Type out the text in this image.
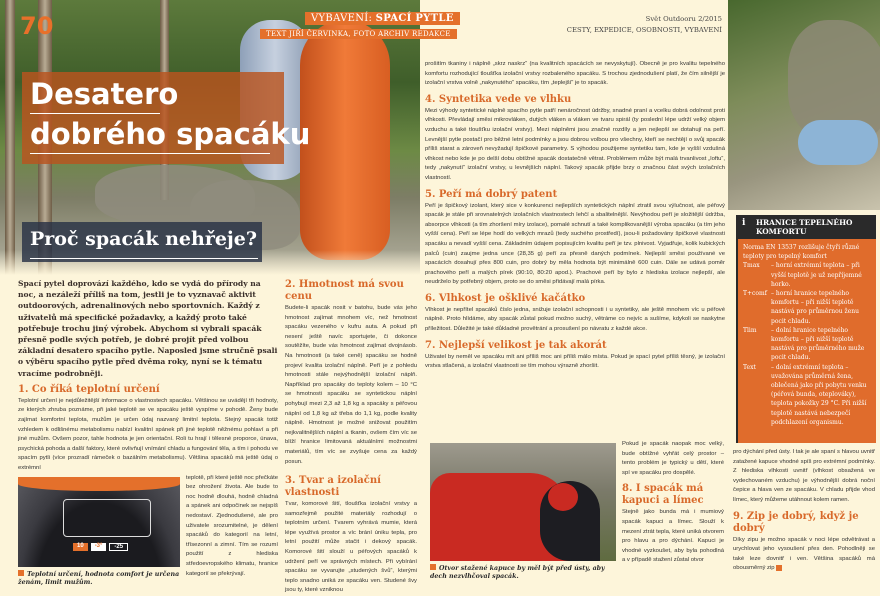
70
Desatero
dobrého spacáku
Proč spacák nehřeje?
VYBAVENÍ: SPACÍ PYTLE
TEXT JIŘÍ ČERVINKA, FOTO ARCHIV REDAKCE
Svět Outdooru 2/2015
CESTY, EXPEDICE, OSOBNOSTI, VYBAVENÍ
Spací pytel doprovází každého, kdo se vydá do přírody na noc, a nezáleží příliš na tom, jestli je to vyznavač aktivit outdoorových, adrenalinových nebo sportovních. Každý z uživatelů má specifické požadavky, a každý proto také potřebuje trochu jiný výrobek. Abychom si vybrali spacák přesně podle svých potřeb, je dobré projít před volbou základní desatero spacího pytle. Naposled jsme stručně psali o výběru spacího pytle před dvěma roky, nyní se k tématu vracíme podrobněji.
1. Co říká teplotní určení
Teplotní určení je nejdůležitější informace o vlastnostech spacáku. Většinou se uvádějí tři hodnoty, ze kterých zhruba poznáme, při jaké teplotě se ve spacáku ještě vyspíme v pohodě. Ženy bude zajímat komfortní teplota, mužům je určen údaj nazvaný limitní teplota. Stejný spacák totiž vzhledem k odlišnému metabolismu nabízí kvalitní spánek při jiné teplotě něžnému pohlaví a při jiné mužům. Ovšem pozor, tahle hodnota je jen orientační. Roli tu hrají i tělesné proporce, únava, psychická pohoda a další faktory, které ovlivňují vnímání chladu a fungování těla, a tím i pohodu ve spacím pytli (více prozradí rámeček o bazálním metabolismu). Většina spacáků má ještě údaj o extrémní
10	-3°	-25
Teplotní určení, hodnota comfort je určena ženám, limit mužům.
teplotě, při které ještě noc přečkáte bez ohrožení života. Ale bude to noc hodně dlouhá, hodně chladná a spánek ani odpočinek se nejspíš nedostaví. Zjednodušené, ale pro uživatele srozumitelné, je dělení spacáků do kategorií na letní, třísezonní a zimní. Tím se rozumí použití z hlediska středoevropského klimatu, hranice kategorií se překrývají.
2. Hmotnost má svou cenu
Budete-li spacák nosit v batohu, bude vás jeho hmotnost zajímat mnohem víc, než hmotnost spacáku vezeného v kufru auta. A pokud při nesení ještě navíc sportujete, či dokonce soutěžíte, bude vás hmotnost zajímat dvojnásob. Na hmotnosti (a také ceně) spacáku se hodně projeví kvalita izolační náplně. Peří je z pohledu hmotnosti stále nejvýhodnější izolační náplň. Například pro spacáky do teploty kolem – 10 °C se hmotnosti spacáku se syntetickou náplní pohybují mezi 2,3 až 1,8 kg a spacáky s péřovou náplní od 1,8 kg až třeba do 1,1 kg, podle kvality náplně. Hmotnost je možné snižovat použitím nejkvalitnějších náplní a tkanin, ovšem čím víc se blíží hranice limitovaná aktuálními možnostmi materiálů, tím víc se zvyšuje cena za každý posun.
3. Tvar a izolační vlastnosti
Tvar, komorové šití, tloušťka izolační vrstvy a samozřejmě použité materiály rozhodují o teplotním určení. Tvarem vyhrává mumie, která lépe využívá prostor a víc brání úniku tepla, pro letní použití může stačit i dekový spacák. Komorové šití slouží u péřových spacáků k udržení peří ve správných místech. Při vybírání spacáku se vyvarujte „studených švů“, kterými teplo snadno uniká ze spacáku ven. Studené švy jsou ty, které vzniknou
prošitím tkaniny i náplně „skrz naskrz“ (na kvalitních spacácích se nevyskytují). Obecně je pro kvalitu tepelného komfortu rozhodující tloušťka izolační vrstvy rozbaleného spacáku. S trochou zjednodušení platí, že čím silnější je izolační vrstva volně „nakynutého“ spacáku, tím „teplejší“ je to spacák.
4. Syntetika vede ve vlhku
Mezi výhody syntetické náplně spacího pytle patří nenáročnost údržby, snadné praní a vcelku dobrá odolnost proti vlhkosti. Převládají směsi mikrovláken, dutých vláken a vláken ve tvaru spirál (ty poslední lépe udrží velký objem vzduchu a také tloušťku izolační vrstvy). Mezi náplněmi jsou značné rozdíly a jen nejlepší se dotahují na peří. Levnější pytle postačí pro běžné letní podmínky a jsou dobrou volbou pro všechny, kteří se nechtějí o svůj spacák příliš starat a zároveň nevyžadují špičkové parametry. S výhodou použijeme syntetiku tam, kde je vyšší vzdušná vlhkost nebo kde je po delší dobu obtížné spacák dostatečně větrat. Problémem může být malá trvanlivost „loftu“, tedy „nakynutí“ izolační vrstvy, u levnějších náplní. Takový spacák přijde brzy o značnou část svých izolačních vlastností.
5. Peří má dobrý patent
Peří je špičkový izolant, který sice v konkurenci nejlepších syntetických náplní ztratil svou výlučnost, ale péřový spacák je stále při srovnatelných izolačních vlastnostech lehčí a sbalitelnější. Nevýhodou peří je složitější údržba, absorpce vlhkosti (a tím zhoršení míry izolace), pomalé schnutí a také komplikovanější výroba spacáku (a tím jeho vyšší cena). Peří se lépe hodí do velkých mrazů (tedy suchého prostředí), jsou-li požadovány špičkové vlastnosti spacáku a nevadí vyšší cena. Základním údajem popisujícím kvalitu peří je tzv. plnivost. Vyjadřuje, kolik kubických palců (cuin) zaujme jedna unce (28,35 g) peří za přesně daných podmínek. Nejlepší směsi používané ve spacácích dosahují přes 800 cuin, pro dobrý by měla hodnota být minimálně 600 cuin. Dále se udává poměr prachového peří a malých pírek (90:10, 80:20 apod.). Prachové peří by bylo z hlediska izolace nejlepší, ale neudrželo by potřebný objem, proto se do směsi přidávají malá pírka.
6. Vlhkost je ošklivé kačátko
Vlhkost je nepřítel spacáků číslo jedna, snižuje izolační schopnosti i u syntetiky, ale ještě mnohem víc u péřové náplně. Proto hlídáme, aby spacák zůstal pokud možno suchý, větráme co nejvíc a sušíme, kdykoli se naskytne příležitost. Důležité je také důkladné provětrání a prosušení po návratu z každé akce.
7. Nejlepší velikost je tak akorát
Uživatel by neměl ve spacáku mít ani příliš moc ani příliš málo místa. Pokud je spací pytel příliš těsný, je izolační vrstva stlačená, a izolační vlastnosti se tím mohou výrazně zhoršit.
Otvor stažené kapuce by měl být před ústy, aby dech nezvlhčoval spacák.
Pokud je spacák naopak moc velký, bude obtížné vyhřát celý prostor – tento problém je typický u dětí, které spí ve spacáku pro dospělé.
8. I spacák má kapuci a límec
Stejně jako bunda má i mumiový spacák kapuci a límec. Slouží k mezení ztrát tepla, které uniká otvorem pro hlavu a pro dýchání. Kapuci je vhodné vyzkoušet, aby byla pohodlná a v případě stažení zůstal otvor
i HRANICE TEPELNÉHO KOMFORTU
Norma EN 13537 rozlišuje čtyři různé teploty pro tepelný komfort
Tmax	– horní extrémní teplota – při vyšší teplotě je už nepříjemné horko.
T+comf – horní hranice tepelného komfortu – při nižší teplotě nastává pro průměrnou ženu pocit chladu.
Tlim	– dolní hranice tepelného komfortu – při nižší teplotě nastává pro průměrného muže pocit chladu.
Text	– dolní extrémní teplota – uvažována průměrná žena, oblečená jako při pobytu venku (péřová bunda, oteplováky), teplota pokožky 29 °C. Při nižší teplotě nastává nebezpečí podchlazení organismu.
pro dýchání před ústy. I tak je ale spaní s hlavou uvnitř zatažené kapuce vhodné spíš pro extrémní podmínky. Z hlediska vlhkosti uvnitř (vlhkost obsažená ve vydechovaném vzduchu) je výhodnější dobrá noční čepice a hlava ven ze spacáku. V chladu přijde vhod límec, který můžeme utáhnout kolem ramen.
9. Zip je dobrý, když je dobrý
Díky zipu je možno spacák v noci lépe odvětrávat a urychlovat jeho vysoušení přes den. Pohodlněji se také leze dovnitř i ven. Většina spacáků má obousměrný zip
